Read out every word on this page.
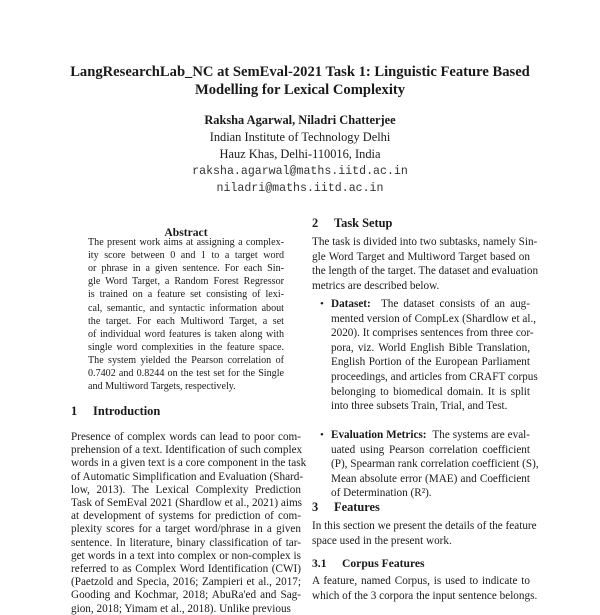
LangResearchLab_NC at SemEval-2021 Task 1: Linguistic Feature Based
Modelling for Lexical Complexity
Raksha Agarwal, Niladri Chatterjee
Indian Institute of Technology Delhi
Hauz Khas, Delhi-110016, India
raksha.agarwal@maths.iitd.ac.in
niladri@maths.iitd.ac.in
Abstract
The present work aims at assigning a complex-
ity score between 0 and 1 to a target word
or phrase in a given sentence. For each Sin-
gle Word Target, a Random Forest Regressor
is trained on a feature set consisting of lexi-
cal, semantic, and syntactic information about
the target. For each Multiword Target, a set
of individual word features is taken along with
single word complexities in the feature space.
The system yielded the Pearson correlation of
0.7402 and 0.8244 on the test set for the Single
and Multiword Targets, respectively.
1 Introduction
Presence of complex words can lead to poor com-
prehension of a text. Identification of such complex
words in a given text is a core component in the task
of Automatic Simplification and Evaluation (Shard-
low, 2013). The Lexical Complexity Prediction
Task of SemEval 2021 (Shardlow et al., 2021) aims
at development of systems for prediction of com-
plexity scores for a target word/phrase in a given
sentence. In literature, binary classification of tar-
get words in a text into complex or non-complex is
referred to as Complex Word Identification (CWI)
(Paetzold and Specia, 2016; Zampieri et al., 2017;
Gooding and Kochmar, 2018; AbuRa'ed and Sag-
gion, 2018; Yimam et al., 2018). Unlike previous
2 Task Setup
The task is divided into two subtasks, namely Sin-
gle Word Target and Multiword Target based on
the length of the target. The dataset and evaluation
metrics are described below.
• Dataset: The dataset consists of an aug-
mented version of CompLex (Shardlow et al.,
2020). It comprises sentences from three cor-
pora, viz. World English Bible Translation,
English Portion of the European Parliament
proceedings, and articles from CRAFT corpus
belonging to biomedical domain. It is split
into three subsets Train, Trial, and Test.
• Evaluation Metrics: The systems are eval-
uated using Pearson correlation coefficient
(P), Spearman rank correlation coefficient (S),
Mean absolute error (MAE) and Coefficient
of Determination (R²).
3 Features
In this section we present the details of the feature
space used in the present work.
3.1 Corpus Features
A feature, named Corpus, is used to indicate to
which of the 3 corpora the input sentence belongs.
